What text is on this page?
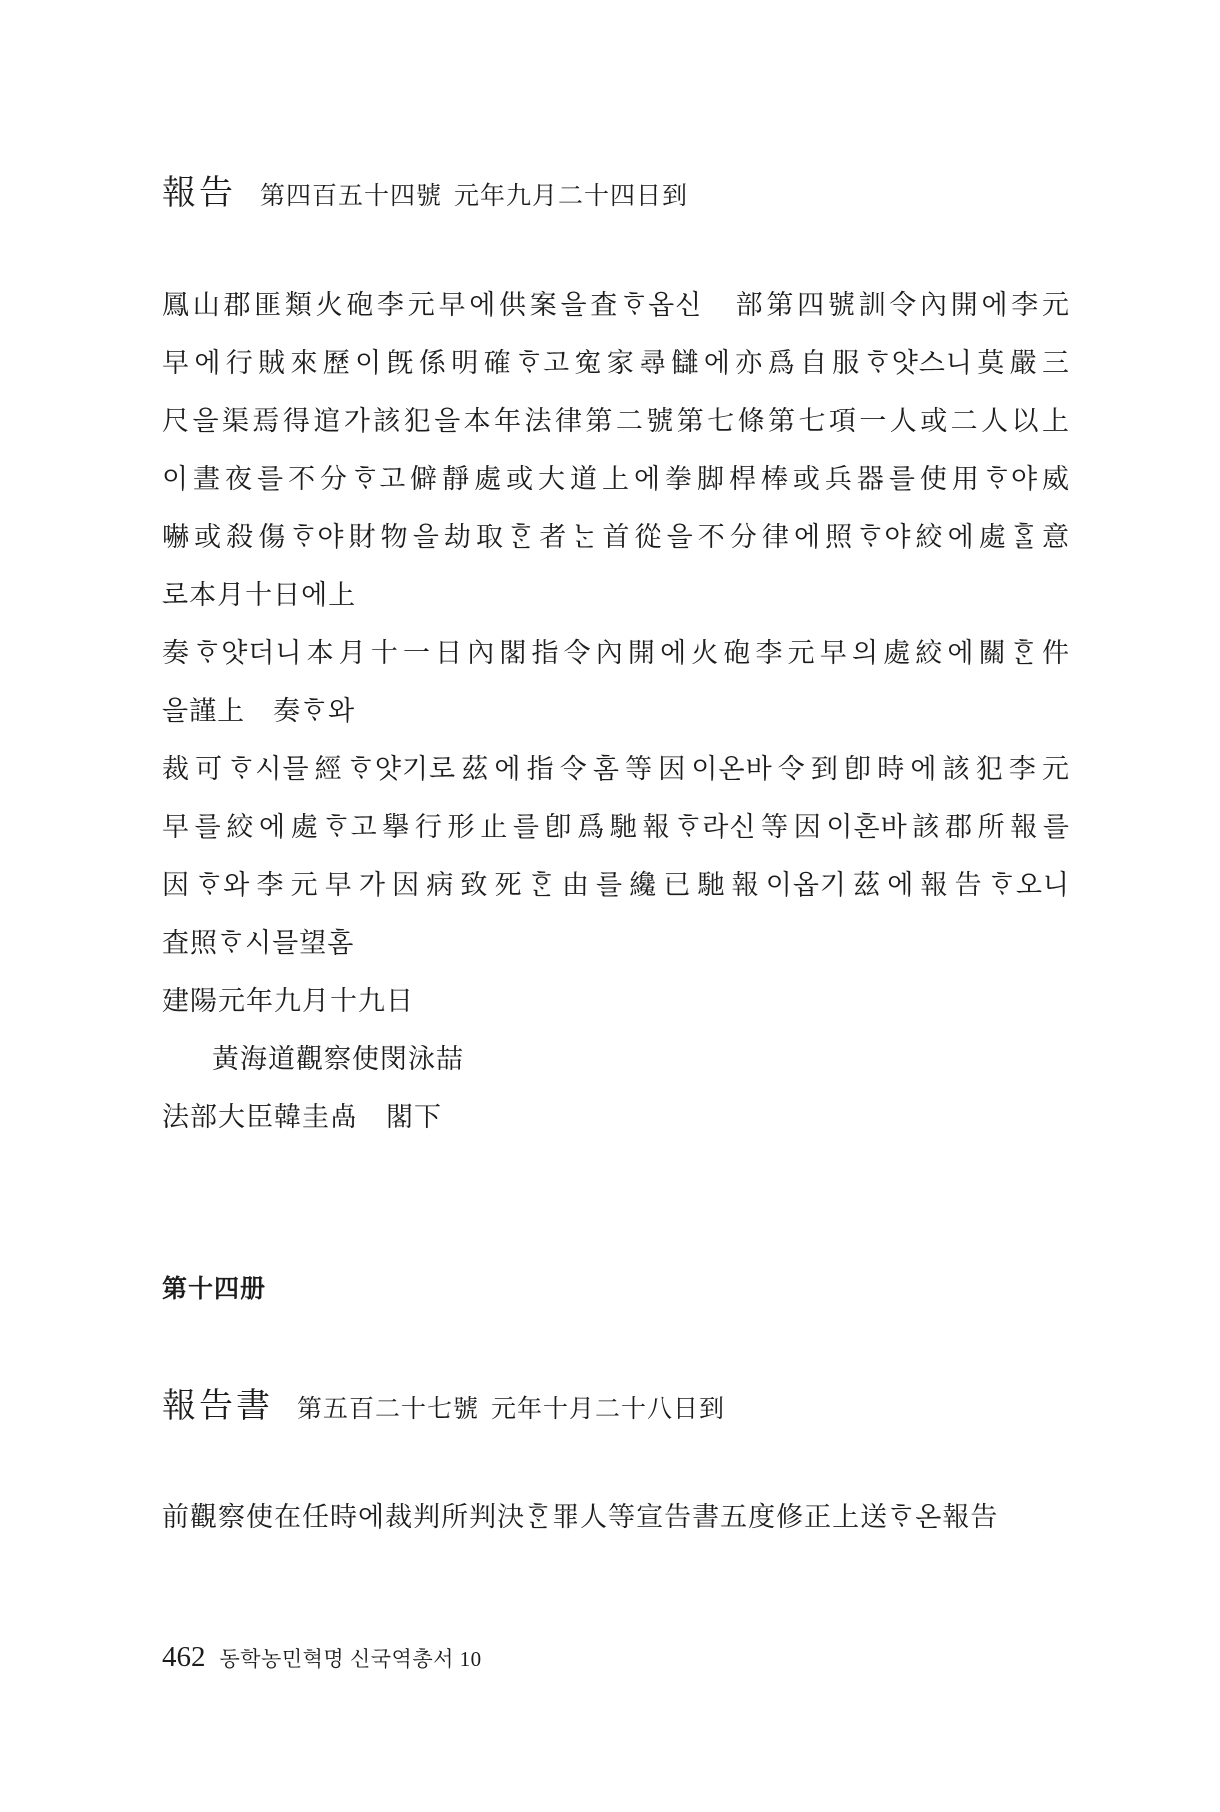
報告 第四百五十四號 元年九月二十四日到
鳳山郡匪類火砲李元早에供案을査ᄒᆞ옵신　部第四號訓令內開에李元
早에行賊來歷이旣係明確ᄒᆞ고寃家尋讎에亦爲自服ᄒᆞ얏스니莫嚴三
尺을渠焉得逭가該犯을本年法律第二號第七條第七項一人或二人以上
이晝夜를不分ᄒᆞ고僻靜處或大道上에拳脚桿棒或兵器를使用ᄒᆞ야威
嚇或殺傷ᄒᆞ야財物을劫取ᄒᆞᆫ者ᄂᆞᆫ首從을不分律에照ᄒᆞ야絞에處ᄒᆞᆯ意
로本月十日에上
奏ᄒᆞ얏더니本月十一日內閣指令內開에火砲李元早의處絞에關ᄒᆞᆫ件
을謹上　奏ᄒᆞ와
裁可ᄒᆞ시믈經ᄒᆞ얏기로茲에指令홈等因이온바令到卽時에該犯李元
早를絞에處ᄒᆞ고擧行形止를卽爲馳報ᄒᆞ라신等因이혼바該郡所報를
因ᄒᆞ와李元早가因病致死ᄒᆞᆫ由를纔已馳報이옵기茲에報告ᄒᆞ오니
査照ᄒᆞ시믈望홈
建陽元年九月十九日
黃海道觀察使閔泳喆
法部大臣韓圭卨　閣下
第十四册
報告書 第五百二十七號 元年十月二十八日到
前觀察使在任時에裁判所判決ᄒᆞᆫ罪人等宣告書五度修正上送ᄒᆞ온報告
462 동학농민혁명 신국역총서 10
